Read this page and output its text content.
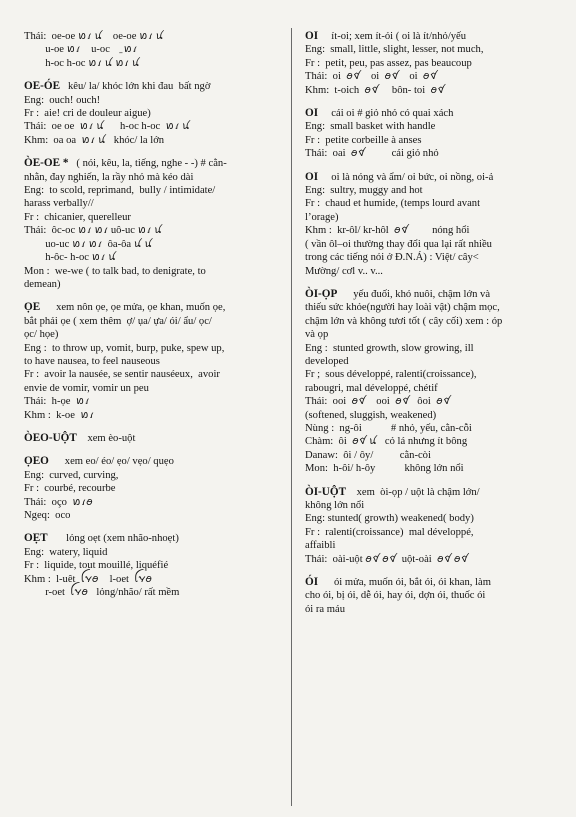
Thái:  oe-oe ꪭꪹ ꪙ    oe-oe ꪭꪹ ꪙ
u-oe ꪭꪹ    u-oc ꪮ̱ ꪭꪹ
h-oc h-oc ꪭꪹ ꪙ ꪭꪹ ꪙ
OE-ÓE   kêu/ la/ khóc lớn khi đau  bất ngờ
Eng:  ouch! ouch!
Fr :  aie! cri de douleur aigue)
Thái:  oe oe  ꪭꪹ ꪙ      h-oc h-oc  ꪭꪹ ꪙ
Khm:  oa oa  ꪭꪹ ꪙ   khóc/ la lớn
ÒE-OE *   ( nói, kêu, la, tiếng, nghe - -) # cằn-
nhằn, đay nghiến, la rầy nhỏ mà kéo dài
Eng:  to scold, reprimand,  bully / intimidate/
harass verbally//
Fr :  chicanier, querelleur
Thái:  ôc-oc ꪭꪹ ꪭꪹ uô-uc ꪭꪹ ꪙ
uo-uc ꪭꪹ ꪭꪹ  ôa-ôa ꪙ ꪙ
h-ôc- h-oc ꪭꪹ ꪙ
Mon :  we-we ( to talk bad, to denigrate, to
demean)
ỌE      xem nôn ọe, ọe mửa, ọe khan, muốn ọe,
bắt phải ọe ( xem thêm  ợ/ ụa/ ựa/ ói/ ẩu/ ọc/
ọc/ họe)
Eng :  to throw up, vomit, burp, puke, spew up,
to have nausea, to feel nauseous
Fr :  avoir la nausée, se sentir nauséeux,  avoir
envie de vomir, vomir un peu
Thái:  h-ọe  ꪭꪹ
Khm :  k-oe  ꪭꪹ
ÒEO-UỘT    xem èo-uột
ỌEO      xem eo/ éo/ ẹo/ vẹo/ quẹo
Eng:  curved, curving,
Fr :  courbé, recourbe
Thái:  oço  ꪭꪹꪮ
Ngeq:  oco
OẸT       lỏng oẹt (xem nhão-nhoẹt)
Eng:  watery, liquid
Fr :  liquide, tout mouillé, liquéfié
Khm :  l-uêt  ꪶꪩꪮ    l-oet  ꪶꪩꪮ
r-oet  ꪶꪩꪮ   lỏng/nhão/ rất mềm
OI     ít-oi; xem ít-ỏi ( oi là ít/nhỏ/yếu
Eng:  small, little, slight, lesser, not much,
Fr :  petit, peu, pas assez, pas beaucoup
Thái:  oi  ꪮꪥ    oi  ꪮꪥ    oi  ꪮꪥ
Khm:  t-oich  ꪮꪥ     bôn- toi  ꪮꪥ
OI     cái oi # giỏ nhỏ có quai xách
Eng:  small basket with handle
Fr :  petite corbeille à anses
Thái:  oai  ꪮꪥ          cái giỏ nhỏ
OI     oi là nóng và ẩm/ oi bức, oi nồng, oi-ả
Eng:  sultry, muggy and hot
Fr :  chaud et humide, (temps lourd avant
l’orage)
Khm :  kr-ôl/ kr-hôl  ꪮꪥ         nóng hổi
( vần ôl–oi thường thay đổi qua lại rất nhiều
trong các tiếng nói ở Đ.N.Á) : Việt/ cây<
Mường/ cơl v.. v...
ÒI-ỌP      yếu đuối, khó nuôi, chậm lớn và
thiếu sức khỏe(người hay loài vật) chậm mọc,
chậm lớn và không tươi tốt ( cây cối) xem : óp
và ọp
Eng :  stunted growth, slow growing, ill
developed
Fr ;  sous développé, ralenti(croissance),
rabougri, mal développé, chétif
Thái:  ooi  ꪮꪥ    ooi  ꪮꪥ   ôoi  ꪮꪥ
(softened, sluggish, weakened)
Nùng :  ng-ôi           # nhỏ, yếu, cằn-cỗi
Chàm:  ôi  ꪮꪥ ꪙ   cỏ lá nhưng ít bông
Danaw:  ôi / ôy/          cằn-còi
Mon:  h-ôi/ h-ôy           không lớn nổi
ÒI-UỘT    xem  òi-ọp / uột là chậm lớn/
không lớn nổi
Eng: stunted( growth) weakened( body)
Fr :  ralenti(croissance)  mal développé,
affaibli
Thái:  oài-uột ꪮꪥ ꪮꪥ  uột-oài  ꪮꪥ ꪮꪥ
ÓI      ói mửa, muốn ói, bắt ói, ói khan, làm
cho ói, bị ói, dễ ói, hay ói, dợn ói, thuốc ói
ói ra máu
